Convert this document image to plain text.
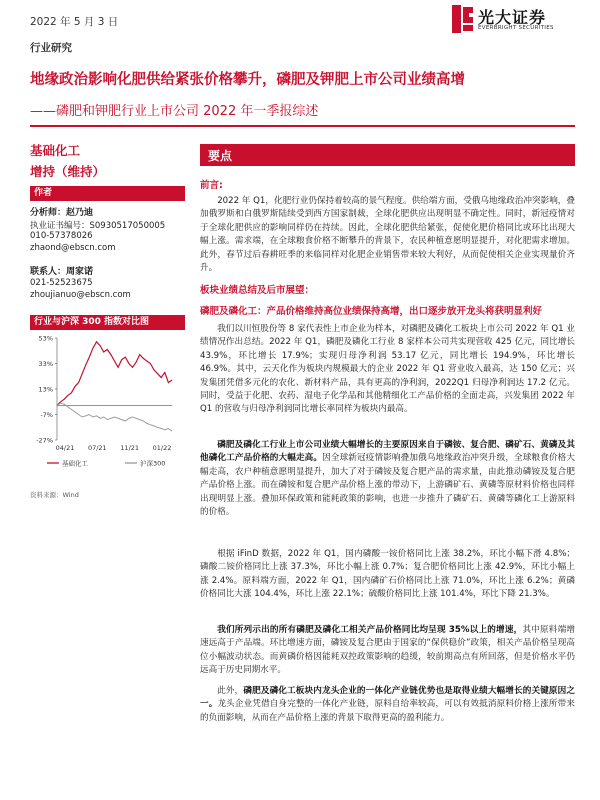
2022 年 5 月 3 日	光大证券
EVERBRIGHT SECURITIES
行业研究
地缘政治影响化肥供给紧张价格攀升，磷肥及钾肥上市公司业绩高增
——磷肥和钾肥行业上市公司 2022 年一季报综述
基础化工
增持（维持）
作者
分析师：赵乃迪
执业证书编号：S0930517050005
010-57378026
zhaond@ebscn.com
联系人：周家诺
021-52523675
zhoujianuo@ebscn.com
行业与沪深 300 指数对比图
53%
33%
13%
-7%
-27%
04/21 07/21 11/21 01/22
基础化工	沪深300
资料来源：Wind
要点
前言:
2022 年 Q1，化肥行业仍保持着较高的景气程度。供给端方面，受俄乌地缘政治冲突影响，叠加俄罗斯和白俄罗斯陆续受到西方国家制裁，全球化肥供应出现明显不确定性。同时，新冠疫情对于全球化肥供应的影响同样仍在持续。因此，全球化肥供给紧张，促使化肥价格同比或环比出现大幅上涨。需求端，在全球粮食价格不断攀升的背景下，农民种植意愿明显提升，对化肥需求增加。此外，春节过后春耕旺季的来临同样对化肥企业销售带来较大利好，从而促使相关企业实现量价齐升。
板块业绩总结及后市展望：
磷肥及磷化工：产品价格维持高位业绩保持高增，出口逐步放开龙头将获明显利好
我们以川恒股份等 8 家代表性上市企业为样本，对磷肥及磷化工板块上市公司 2022 年 Q1 业绩情况作出总结。2022 年 Q1，磷肥及磷化工行业 8 家样本公司共实现营收 425 亿元，同比增长 43.9%，环比增长 17.9%；实现归母净利润 53.17 亿元，同比增长 194.9%，环比增长 46.9%。其中，云天化作为板块内规模最大的企业 2022 年 Q1 营业收入最高，达 150 亿元；兴发集团凭借多元化的农化、新材料产品，具有更高的净利润，2022Q1 归母净利润达 17.2 亿元。同时，受益于化肥、农药、湿电子化学品和其他精细化工产品价格的全面走高，兴发集团 2022 年 Q1 的营收与归母净利润同比增长率同样为板块内最高。
磷肥及磷化工行业上市公司业绩大幅增长的主要原因来自于磷铵、复合肥、磷矿石、黄磷及其他磷化工产品价格的大幅走高。因全球新冠疫情影响叠加俄乌地缘政治冲突升级，全球粮食价格大幅走高，农户种植意愿明显提升，加大了对于磷铵及复合肥产品的需求量，由此推动磷铵及复合肥产品价格上涨。而在磷铵和复合肥产品价格上涨的带动下，上游磷矿石、黄磷等原材料价格也同样出现明显上涨。叠加环保政策和能耗政策的影响，也进一步推升了磷矿石、黄磷等磷化工上游原料的价格。
根据 iFinD 数据，2022 年 Q1，国内磷酸一铵价格同比上涨 38.2%，环比小幅下滑 4.8%；磷酸二铵价格同比上涨 37.3%，环比小幅上涨 0.7%；复合肥价格同比上涨 42.9%，环比小幅上涨 2.4%。原料端方面，2022 年 Q1，国内磷矿石价格同比上涨 71.0%，环比上涨 6.2%；黄磷价格同比大涨 104.4%，环比上涨 22.1%；硫酸价格同比上涨 101.4%，环比下降 21.3%。
我们所列示出的所有磷肥及磷化工相关产品价格同比均呈现 35%以上的增速，其中原料端增速远高于产品端。环比增速方面，磷铵及复合肥由于国家的“保供稳价”政策，相关产品价格呈现高位小幅波动状态。而黄磷价格因能耗双控政策影响的趋缓，较前期高点有所回落，但是价格水平仍远高于历史同期水平。
此外，磷肥及磷化工板块内龙头企业的一体化产业链优势也是取得业绩大幅增长的关键原因之一。龙头企业凭借自身完整的一体化产业链，原料自给率较高，可以有效抵消原料价格上涨所带来的负面影响，从而在产品价格上涨的背景下取得更高的盈利能力。
